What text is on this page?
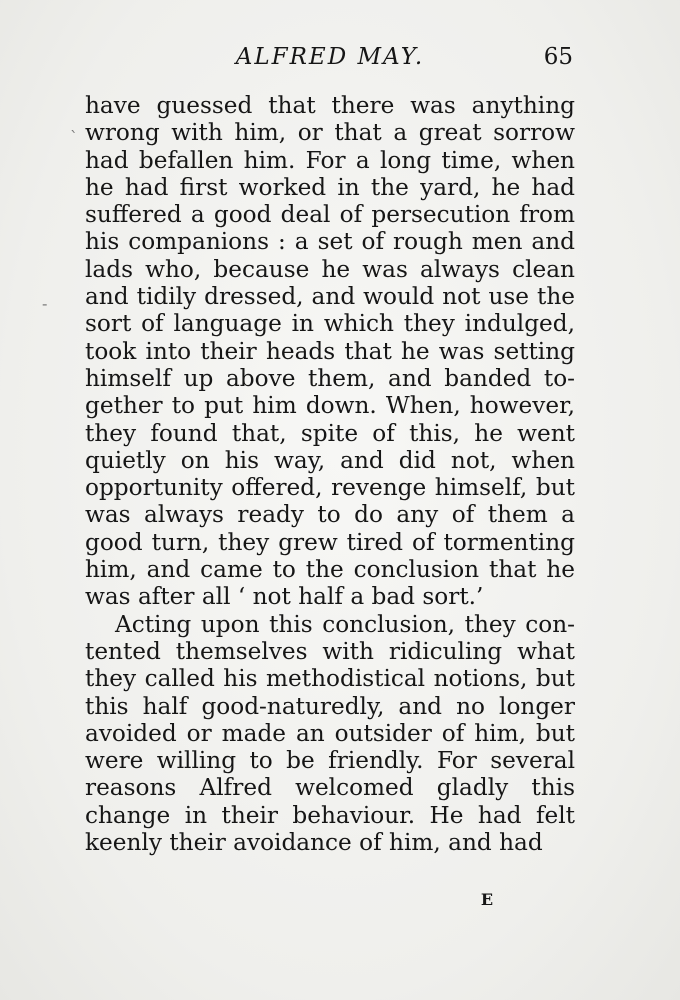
ALFRED MAY.	65
have guessed that there was anything
wrong with him, or that a great sorrow
had befallen him. For a long time, when
he had first worked in the yard, he had
suffered a good deal of persecution from
his companions : a set of rough men and
lads who, because he was always clean
and tidily dressed, and would not use the
sort of language in which they indulged,
took into their heads that he was setting
himself up above them, and banded to-
gether to put him down. When, however,
they found that, spite of this, he went
quietly on his way, and did not, when
opportunity offered, revenge himself, but
was always ready to do any of them a
good turn, they grew tired of tormenting
him, and came to the conclusion that he
was after all ‘ not half a bad sort.’
Acting upon this conclusion, they con-
tented themselves with ridiculing what
they called his methodistical notions, but
this half good-naturedly, and no longer
avoided or made an outsider of him, but
were willing to be friendly. For several
reasons Alfred welcomed gladly this
change in their behaviour. He had felt
keenly their avoidance of him, and had
`
-
E
